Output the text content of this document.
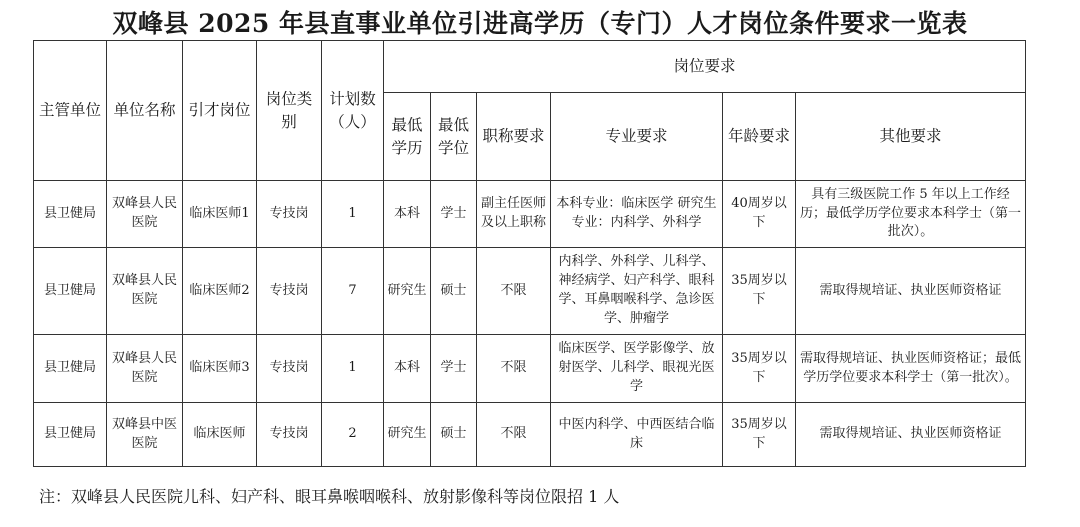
双峰县 2025 年县直事业单位引进高学历（专门）人才岗位条件要求一览表
主管单位	单位名称	引才岗位	岗位类别	计划数（人）	岗位要求					
					最低学历	最低学位	职称要求	专业要求	年龄要求	其他要求
县卫健局	双峰县人民医院	临床医师1	专技岗	1	本科	学士	副主任医师及以上职称	本科专业：临床医学 研究生专业：内科学、外科学	40周岁以下	具有三级医院工作 5 年以上工作经历；最低学历学位要求本科学士（第一批次）。
县卫健局	双峰县人民医院	临床医师2	专技岗	7	研究生	硕士	不限	内科学、外科学、儿科学、神经病学、妇产科学、眼科学、耳鼻咽喉科学、急诊医学、肿瘤学	35周岁以下	需取得规培证、执业医师资格证
县卫健局	双峰县人民医院	临床医师3	专技岗	1	本科	学士	不限	临床医学、医学影像学、放射医学、儿科学、眼视光医学	35周岁以下	需取得规培证、执业医师资格证；最低学历学位要求本科学士（第一批次）。
县卫健局	双峰县中医医院	临床医师	专技岗	2	研究生	硕士	不限	中医内科学、中西医结合临床	35周岁以下	需取得规培证、执业医师资格证
注：双峰县人民医院儿科、妇产科、眼耳鼻喉咽喉科、放射影像科等岗位限招 1 人
